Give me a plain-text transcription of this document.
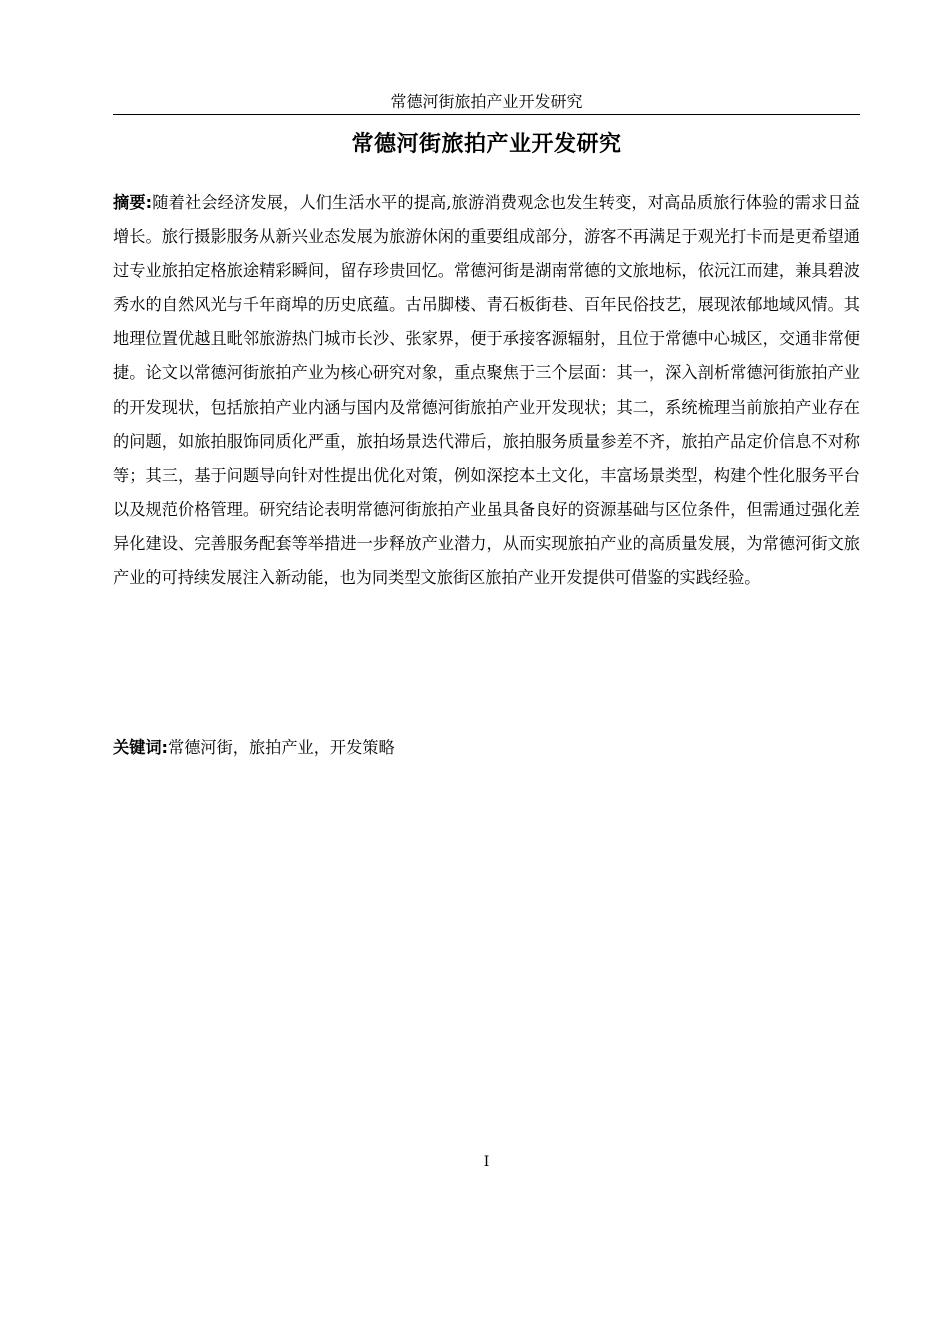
常德河街旅拍产业开发研究
常德河街旅拍产业开发研究
摘要:随着社会经济发展，人们生活水平的提高,旅游消费观念也发生转变，对高品质旅行体验的需求日益增长。旅行摄影服务从新兴业态发展为旅游休闲的重要组成部分，游客不再满足于观光打卡而是更希望通过专业旅拍定格旅途精彩瞬间，留存珍贵回忆。常德河街是湖南常德的文旅地标，依沅江而建，兼具碧波秀水的自然风光与千年商埠的历史底蕴。古吊脚楼、青石板街巷、百年民俗技艺，展现浓郁地域风情。其地理位置优越且毗邻旅游热门城市长沙、张家界，便于承接客源辐射，且位于常德中心城区，交通非常便捷。论文以常德河街旅拍产业为核心研究对象，重点聚焦于三个层面：其一，深入剖析常德河街旅拍产业的开发现状，包括旅拍产业内涵与国内及常德河街旅拍产业开发现状；其二，系统梳理当前旅拍产业存在的问题，如旅拍服饰同质化严重，旅拍场景迭代滞后，旅拍服务质量参差不齐，旅拍产品定价信息不对称等；其三，基于问题导向针对性提出优化对策，例如深挖本土文化，丰富场景类型，构建个性化服务平台以及规范价格管理。研究结论表明常德河街旅拍产业虽具备良好的资源基础与区位条件，但需通过强化差异化建设、完善服务配套等举措进一步释放产业潜力，从而实现旅拍产业的高质量发展，为常德河街文旅产业的可持续发展注入新动能，也为同类型文旅街区旅拍产业开发提供可借鉴的实践经验。
关键词:常德河街，旅拍产业，开发策略
I
